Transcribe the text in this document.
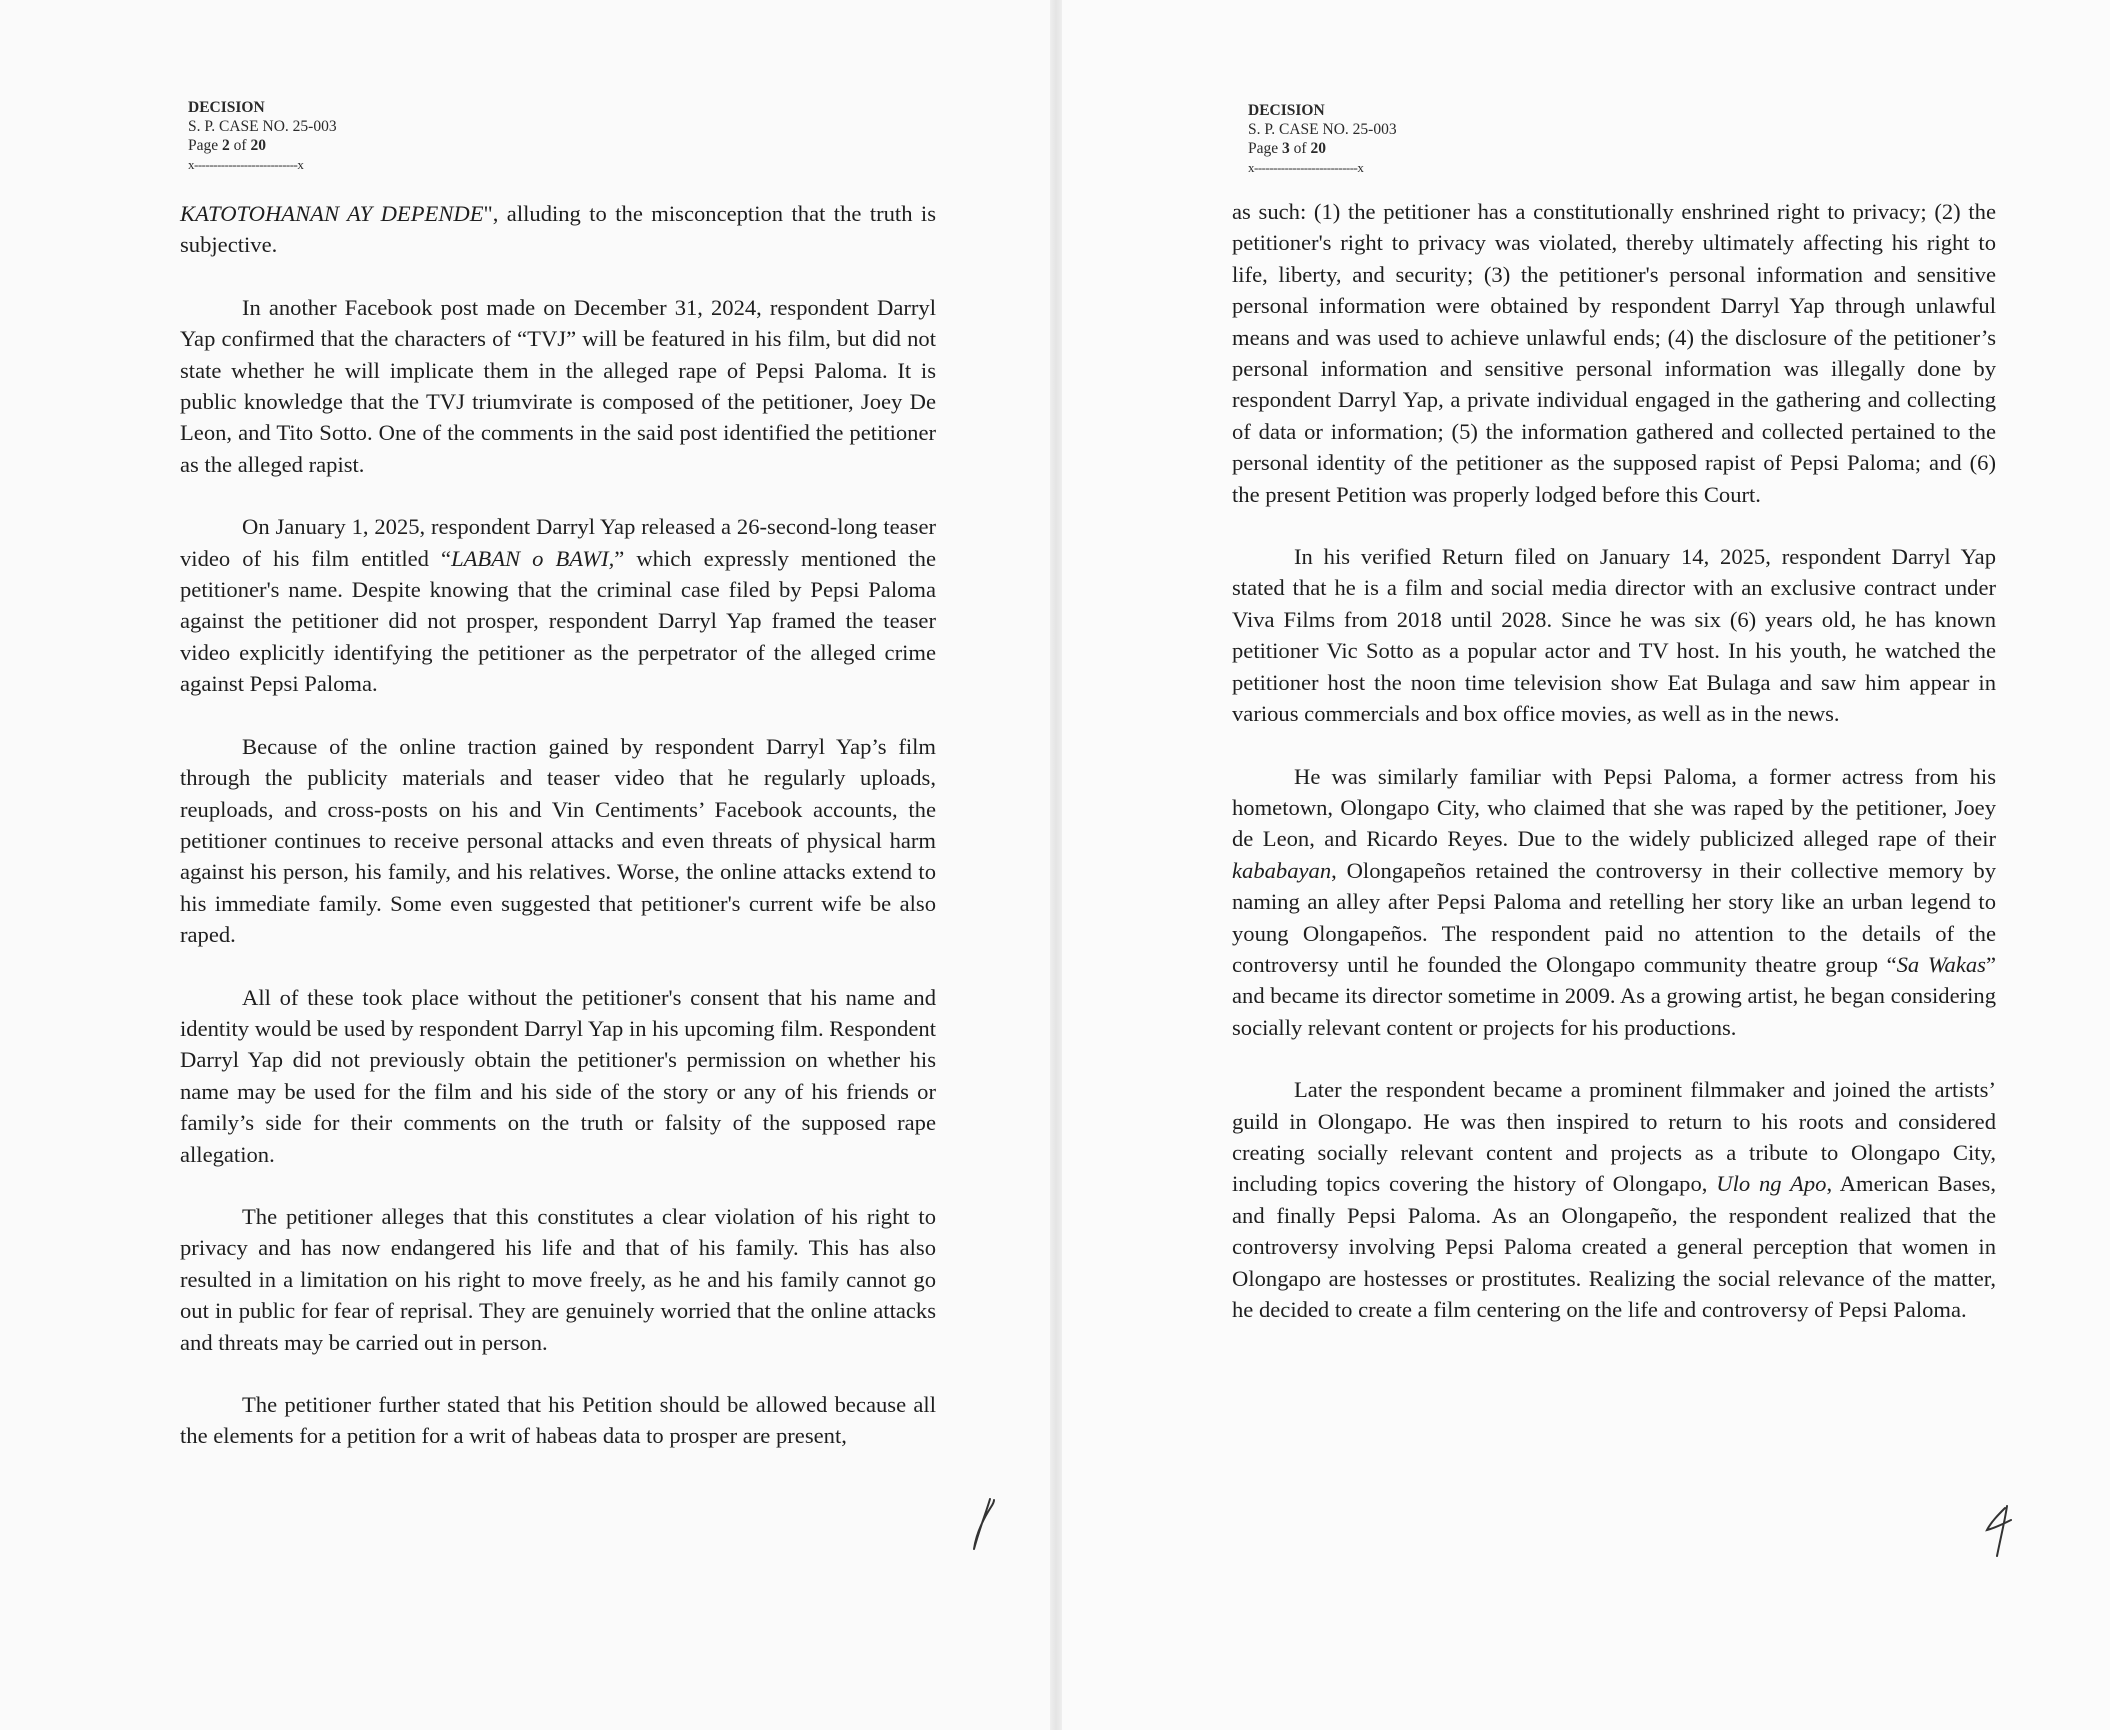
DECISION
S. P. CASE NO. 25-003
Page 2 of 20
x---------------------------x

KATOTOHANAN AY DEPENDE", alluding to the misconception that the truth is subjective.

In another Facebook post made on December 31, 2024, respondent Darryl Yap confirmed that the characters of “TVJ” will be featured in his film, but did not state whether he will implicate them in the alleged rape of Pepsi Paloma. It is public knowledge that the TVJ triumvirate is composed of the petitioner, Joey De Leon, and Tito Sotto. One of the comments in the said post identified the petitioner as the alleged rapist.

On January 1, 2025, respondent Darryl Yap released a 26-second-long teaser video of his film entitled “LABAN o BAWI,” which expressly mentioned the petitioner's name. Despite knowing that the criminal case filed by Pepsi Paloma against the petitioner did not prosper, respondent Darryl Yap framed the teaser video explicitly identifying the petitioner as the perpetrator of the alleged crime against Pepsi Paloma.

Because of the online traction gained by respondent Darryl Yap’s film through the publicity materials and teaser video that he regularly uploads, reuploads, and cross-posts on his and Vin Centiments’ Facebook accounts, the petitioner continues to receive personal attacks and even threats of physical harm against his person, his family, and his relatives. Worse, the online attacks extend to his immediate family. Some even suggested that petitioner's current wife be also raped.

All of these took place without the petitioner's consent that his name and identity would be used by respondent Darryl Yap in his upcoming film. Respondent Darryl Yap did not previously obtain the petitioner's permission on whether his name may be used for the film and his side of the story or any of his friends or family’s side for their comments on the truth or falsity of the supposed rape allegation.

The petitioner alleges that this constitutes a clear violation of his right to privacy and has now endangered his life and that of his family. This has also resulted in a limitation on his right to move freely, as he and his family cannot go out in public for fear of reprisal. They are genuinely worried that the online attacks and threats may be carried out in person.

The petitioner further stated that his Petition should be allowed because all the elements for a petition for a writ of habeas data to prosper are present,

DECISION
S. P. CASE NO. 25-003
Page 3 of 20
x---------------------------x

as such: (1) the petitioner has a constitutionally enshrined right to privacy; (2) the petitioner's right to privacy was violated, thereby ultimately affecting his right to life, liberty, and security; (3) the petitioner's personal information and sensitive personal information were obtained by respondent Darryl Yap through unlawful means and was used to achieve unlawful ends; (4) the disclosure of the petitioner’s personal information and sensitive personal information was illegally done by respondent Darryl Yap, a private individual engaged in the gathering and collecting of data or information; (5) the information gathered and collected pertained to the personal identity of the petitioner as the supposed rapist of Pepsi Paloma; and (6) the present Petition was properly lodged before this Court.

In his verified Return filed on January 14, 2025, respondent Darryl Yap stated that he is a film and social media director with an exclusive contract under Viva Films from 2018 until 2028. Since he was six (6) years old, he has known petitioner Vic Sotto as a popular actor and TV host. In his youth, he watched the petitioner host the noon time television show Eat Bulaga and saw him appear in various commercials and box office movies, as well as in the news.

He was similarly familiar with Pepsi Paloma, a former actress from his hometown, Olongapo City, who claimed that she was raped by the petitioner, Joey de Leon, and Ricardo Reyes. Due to the widely publicized alleged rape of their kababayan, Olongapeños retained the controversy in their collective memory by naming an alley after Pepsi Paloma and retelling her story like an urban legend to young Olongapeños. The respondent paid no attention to the details of the controversy until he founded the Olongapo community theatre group “Sa Wakas” and became its director sometime in 2009. As a growing artist, he began considering socially relevant content or projects for his productions.

Later the respondent became a prominent filmmaker and joined the artists’ guild in Olongapo. He was then inspired to return to his roots and considered creating socially relevant content and projects as a tribute to Olongapo City, including topics covering the history of Olongapo, Ulo ng Apo, American Bases, and finally Pepsi Paloma. As an Olongapeño, the respondent realized that the controversy involving Pepsi Paloma created a general perception that women in Olongapo are hostesses or prostitutes. Realizing the social relevance of the matter, he decided to create a film centering on the life and controversy of Pepsi Paloma.
